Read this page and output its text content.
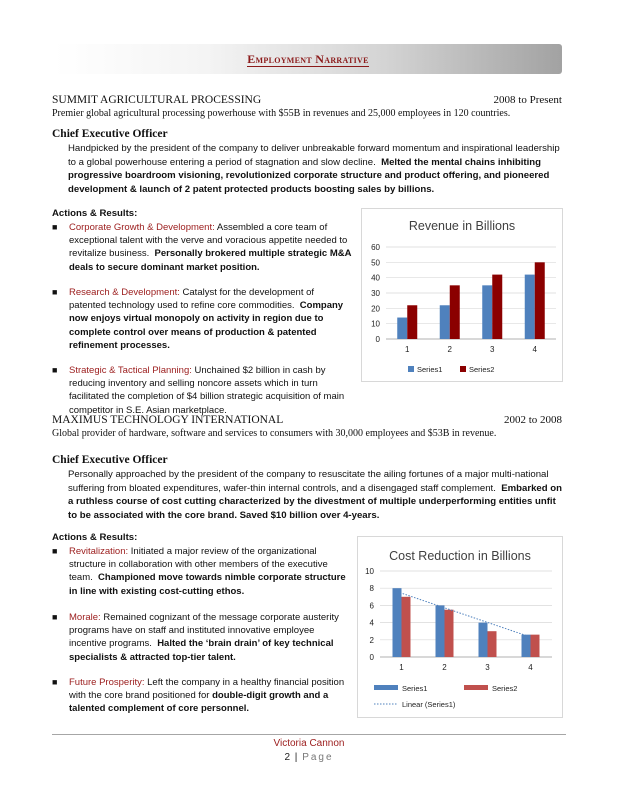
Employment Narrative
SUMMIT AGRICULTURAL PROCESSING	2008 to Present
Premier global agricultural processing powerhouse with $55B in revenues and 25,000 employees in 120 countries.
Chief Executive Officer
Handpicked by the president of the company to deliver unbreakable forward momentum and inspirational leadership to a global powerhouse entering a period of stagnation and slow decline. Melted the mental chains inhibiting progressive boardroom visioning, revolutionized corporate structure and product offering, and pioneered development & launch of 2 patent protected products boosting sales by billions.
Actions & Results:
■ Corporate Growth & Development: Assembled a core team of exceptional talent with the verve and voracious appetite needed to revitalize business. Personally brokered multiple strategic M&A deals to secure dominant market position.
■ Research & Development: Catalyst for the development of patented technology used to refine core commodities. Company now enjoys virtual monopoly on activity in region due to complete control over means of production & patented refinement processes.
■ Strategic & Tactical Planning: Unchained $2 billion in cash by reducing inventory and selling noncore assets which in turn facilitated the completion of $4 billion strategic acquisition of main competitor in S.E. Asian marketplace.
Revenue in Billions
0
10
20
30
40
50
60
1	2	3	4
Series1	Series2
MAXIMUS TECHNOLOGY INTERNATIONAL	2002 to 2008
Global provider of hardware, software and services to consumers with 30,000 employees and $53B in revenue.
Chief Executive Officer
Personally approached by the president of the company to resuscitate the ailing fortunes of a major multi-national suffering from bloated expenditures, wafer-thin internal controls, and a disengaged staff complement. Embarked on a ruthless course of cost cutting characterized by the divestment of multiple underperforming entities unfit to be associated with the core brand. Saved $10 billion over 4-years.
Actions & Results:
■ Revitalization: Initiated a major review of the organizational structure in collaboration with other members of the executive team. Championed move towards nimble corporate structure in line with existing cost-cutting ethos.
■ Morale: Remained cognizant of the message corporate austerity programs have on staff and instituted innovative employee incentive programs. Halted the ‘brain drain’ of key technical specialists & attracted top-tier talent.
■ Future Prosperity: Left the company in a healthy financial position with the core brand positioned for double-digit growth and a talented complement of core personnel.
Cost Reduction in Billions
0
2
4
6
8
10
1	2	3	4
Series1	Series2
Linear (Series1)
Victoria Cannon
2 | Page
